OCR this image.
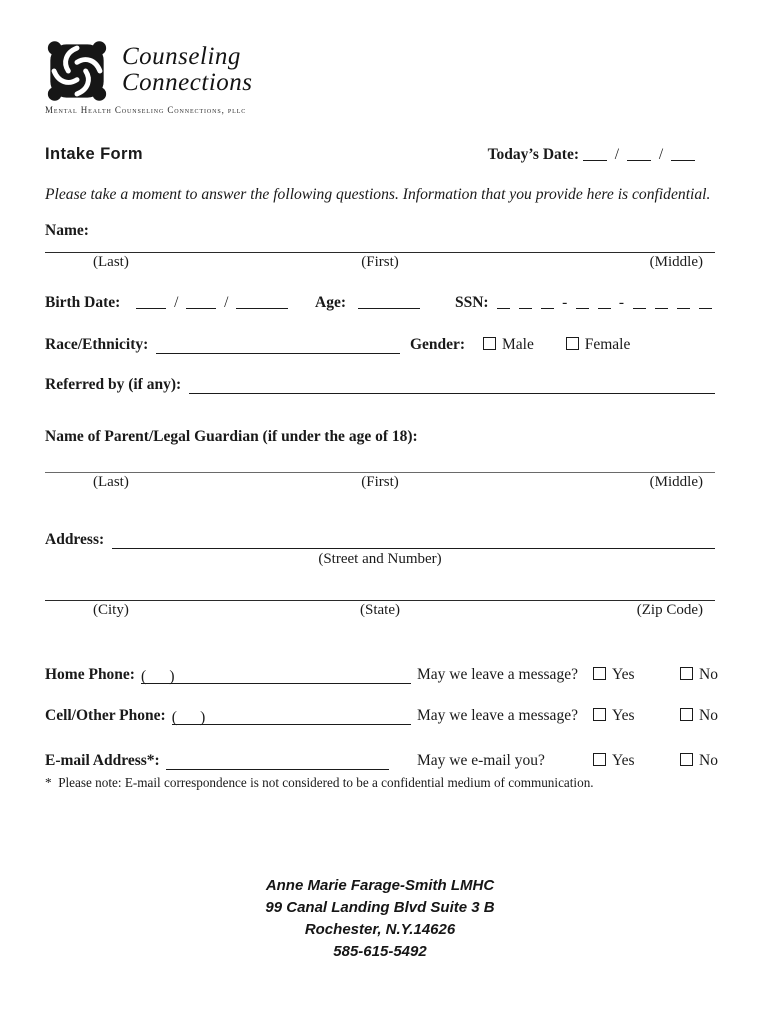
Counseling
Connections
Mental Health Counseling Connections, pllc
Intake Form	Today’s Date: /	/
Please take a moment to answer the following questions. Information that you provide here is confidential.
Name:
(Last)	(First)	(Middle)
Birth Date:	/	/	Age:	SSN:	-	-
Race/Ethnicity:	Gender: Male	Female
Referred by (if any):
Name of Parent/Legal Guardian (if under the age of 18):
(Last)	(First)	(Middle)
Address:
(Street and Number)
(City)	(State)	(Zip Code)
Home Phone: (      )	May we leave a message?	Yes	No
Cell/Other Phone: (      )	May we leave a message?	Yes	No
E-mail Address*:	May we e-mail you?	Yes	No
*  Please note: E-mail correspondence is not considered to be a confidential medium of communication.
Anne Marie Farage-Smith LMHC
99 Canal Landing Blvd Suite 3 B
Rochester, N.Y.14626
585-615-5492
